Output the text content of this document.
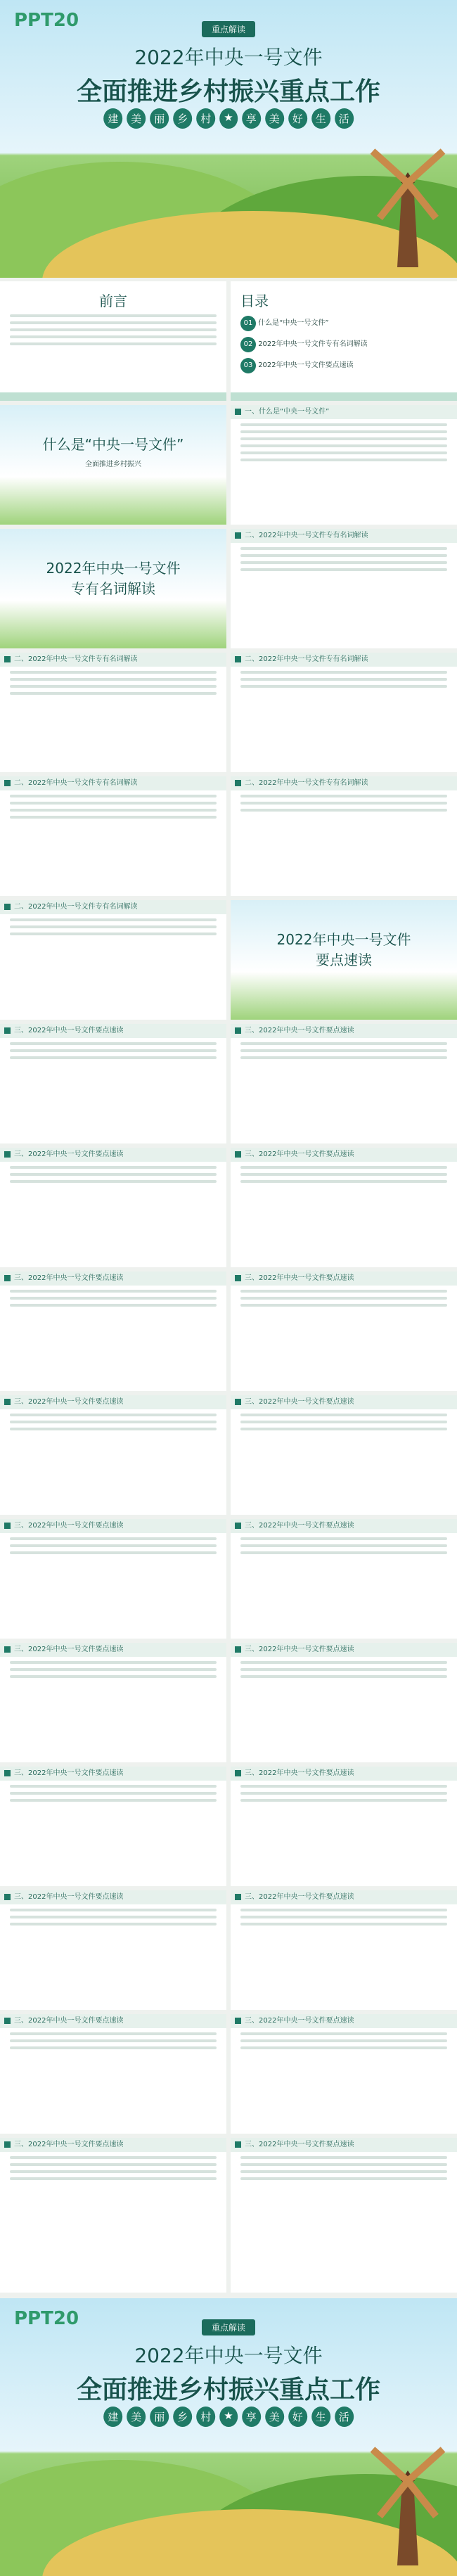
PPT20	重点解读
2022年中央一号文件
全面推进乡村振兴重点工作
建	美	丽	乡	村	★	享	美	好	生	活
前言	目录
01 什么是“中央一号文件”
02 2022年中央一号文件专有名词解读
03 2022年中央一号文件要点速读
什么是“中央一号文件”
全面推进乡村振兴
一、什么是“中央一号文件”
2022年中央一号文件
专有名词解读
二、2022年中央一号文件专有名词解读
二、2022年中央一号文件专有名词解读	二、2022年中央一号文件专有名词解读
二、2022年中央一号文件专有名词解读	二、2022年中央一号文件专有名词解读
二、2022年中央一号文件专有名词解读
2022年中央一号文件
要点速读
三、2022年中央一号文件要点速读	三、2022年中央一号文件要点速读
三、2022年中央一号文件要点速读	三、2022年中央一号文件要点速读
三、2022年中央一号文件要点速读	三、2022年中央一号文件要点速读
三、2022年中央一号文件要点速读	三、2022年中央一号文件要点速读
三、2022年中央一号文件要点速读	三、2022年中央一号文件要点速读
三、2022年中央一号文件要点速读	三、2022年中央一号文件要点速读
三、2022年中央一号文件要点速读	三、2022年中央一号文件要点速读
三、2022年中央一号文件要点速读	三、2022年中央一号文件要点速读
三、2022年中央一号文件要点速读	三、2022年中央一号文件要点速读
三、2022年中央一号文件要点速读	三、2022年中央一号文件要点速读
PPT20	重点解读
2022年中央一号文件
全面推进乡村振兴重点工作
建	美	丽	乡	村	★	享	美	好	生	活
